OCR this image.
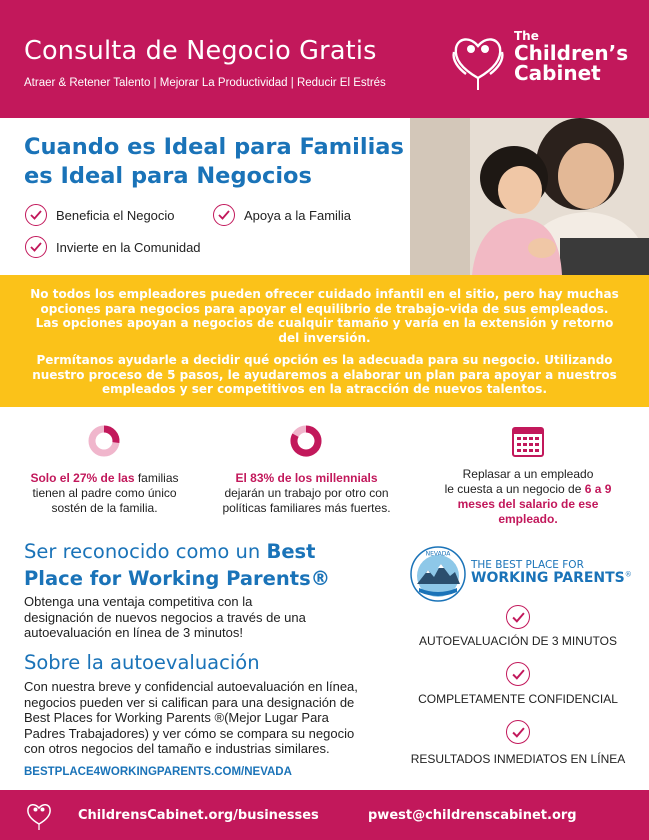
Consulta de Negocio Gratis
Atraer & Retener Talento | Mejorar La Productividad | Reducir El Estrés
The
Children’s
Cabinet
Cuando es Ideal para Familias
es Ideal para Negocios
Beneficia el Negocio	Apoya a la Familia
Invierte en la Comunidad

No todos los empleadores pueden ofrecer cuidado infantil en el sitio, pero hay muchas opciones para negocios para apoyar el equilibrio de trabajo-vida de sus empleados. Las opciones apoyan a negocios de cualquir tamaño y varía en la extensión y retorno del inversión.

Permítanos ayudarle a decidir qué opción es la adecuada para su negocio. Utilizando nuestro proceso de 5 pasos, le ayudaremos a elaborar un plan para apoyar a nuestros empleados y ser competitivos en la atracción de nuevos talentos.

Solo el 27% de las familias
tienen al padre como único
sostén de la familia.
El 83% de los millennials
dejarán un trabajo por otro con
políticas familiares más fuertes.
Replasar a un empleado
le cuesta a un negocio de 6 a 9
meses del salario de ese
empleado.
Ser reconocido como un Best
Place for Working Parents®
Obtenga una ventaja competitiva con la
designación de nuevos negocios a través de una
autoevaluación en línea de 3 minutos!
Sobre la autoevaluación
Con nuestra breve y confidencial autoevaluación en línea,
negocios pueden ver si califican para una designación de
Best Places for Working Parents ®(Mejor Lugar Para
Padres Trabajadores) y ver cómo se compara su negocio
con otros negocios del tamaño e industrias similares.
BESTPLACE4WORKINGPARENTS.COM/NEVADA
NEVADA
THE BEST PLACE FOR
WORKING PARENTS®
AUTOEVALUACIÓN DE 3 MINUTOS
COMPLETAMENTE CONFIDENCIAL
RESULTADOS INMEDIATOS EN LÍNEA
ChildrensCabinet.org/businesses	pwest@childrenscabinet.org
